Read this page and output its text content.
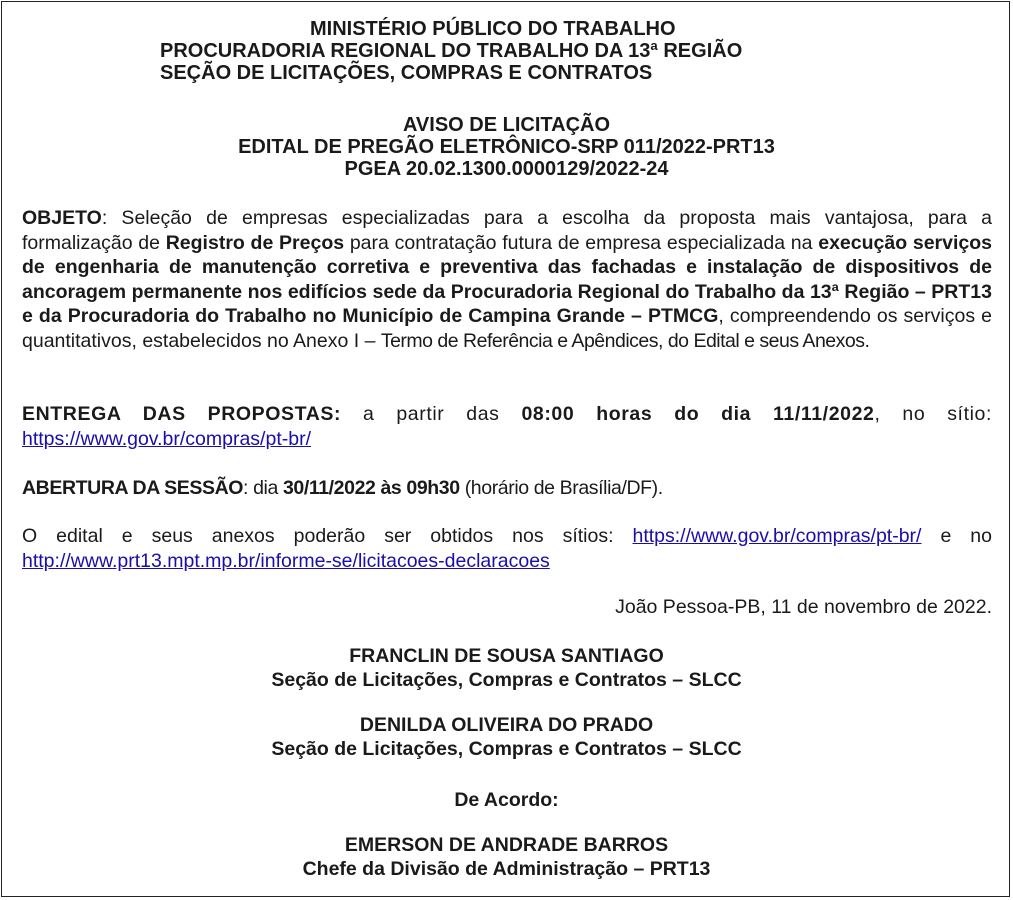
MINISTÉRIO PÚBLICO DO TRABALHO
PROCURADORIA REGIONAL DO TRABALHO DA 13ª REGIÃO
SEÇÃO DE LICITAÇÕES, COMPRAS E CONTRATOS
AVISO DE LICITAÇÃO
EDITAL DE PREGÃO ELETRÔNICO-SRP 011/2022-PRT13
PGEA 20.02.1300.0000129/2022-24
OBJETO: Seleção de empresas especializadas para a escolha da proposta mais vantajosa, para a formalização de Registro de Preços para contratação futura de empresa especializada na execução serviços de engenharia de manutenção corretiva e preventiva das fachadas e instalação de dispositivos de ancoragem permanente nos edifícios sede da Procuradoria Regional do Trabalho da 13ª Região – PRT13 e da Procuradoria do Trabalho no Município de Campina Grande – PTMCG, compreendendo os serviços e quantitativos, estabelecidos no Anexo I – Termo de Referência e Apêndices, do Edital e seus Anexos.
ENTREGA DAS PROPOSTAS: a partir das 08:00 horas do dia 11/11/2022, no sítio: https://www.gov.br/compras/pt-br/
ABERTURA DA SESSÃO: dia 30/11/2022 às 09h30 (horário de Brasília/DF).
O edital e seus anexos poderão ser obtidos nos sítios: https://www.gov.br/compras/pt-br/ e no http://www.prt13.mpt.mp.br/informe-se/licitacoes-declaracoes
João Pessoa-PB, 11 de novembro de 2022.
FRANCLIN DE SOUSA SANTIAGO
Seção de Licitações, Compras e Contratos – SLCC
DENILDA OLIVEIRA DO PRADO
Seção de Licitações, Compras e Contratos – SLCC
De Acordo:
EMERSON DE ANDRADE BARROS
Chefe da Divisão de Administração – PRT13
